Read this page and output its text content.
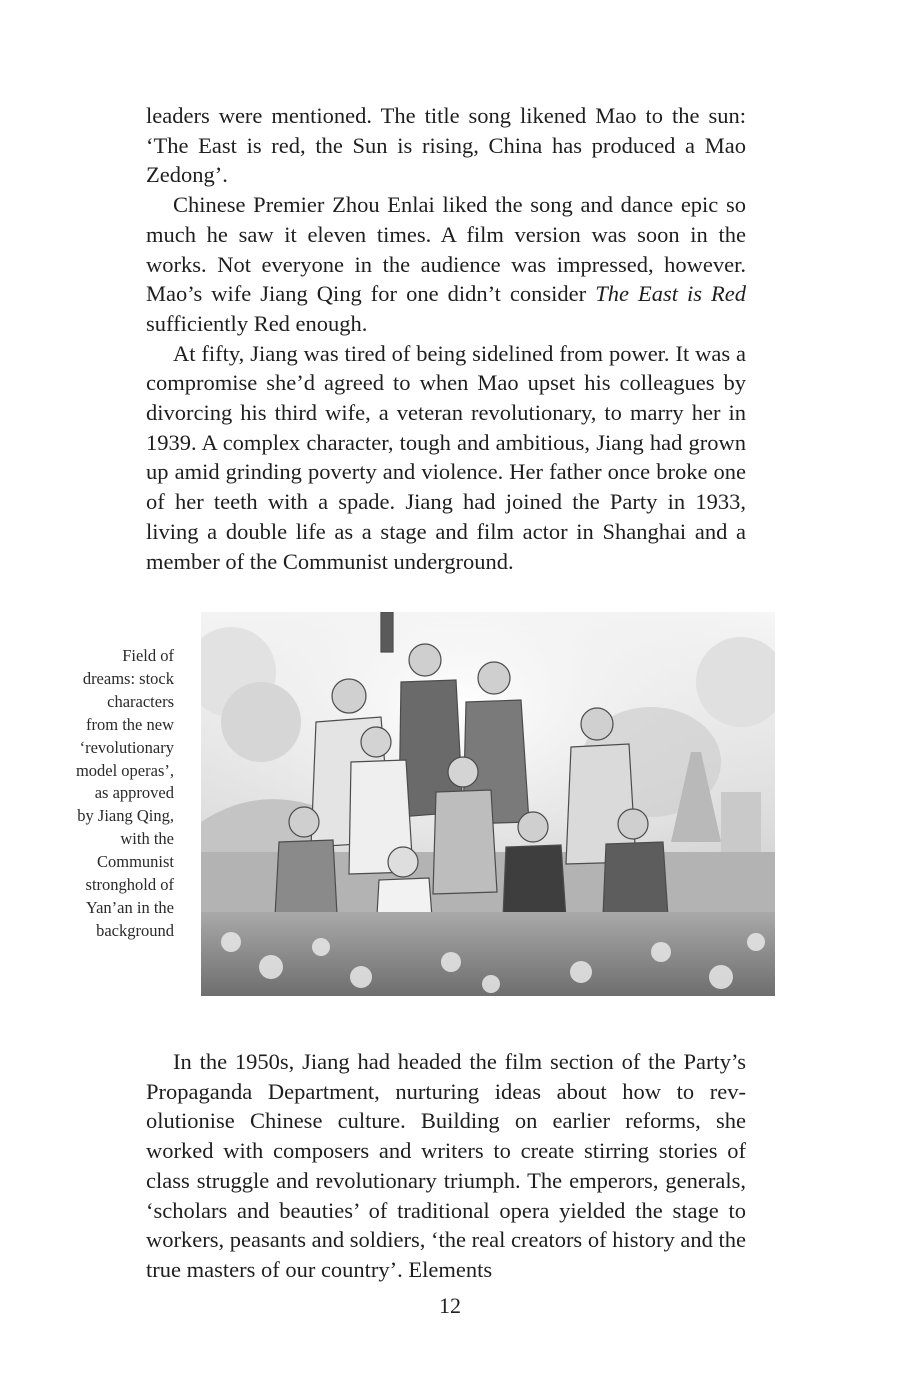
leaders were mentioned. The title song likened Mao to the sun: ‘The East is red, the Sun is rising, China has produced a Mao Zedong’.

Chinese Premier Zhou Enlai liked the song and dance epic so much he saw it eleven times. A film version was soon in the works. Not everyone in the audience was impressed, however. Mao’s wife Jiang Qing for one didn’t consider The East is Red sufficiently Red enough.

At fifty, Jiang was tired of being sidelined from power. It was a compromise she’d agreed to when Mao upset his colleagues by divorcing his third wife, a veteran revolutionary, to marry her in 1939. A complex character, tough and ambitious, Jiang had grown up amid grinding poverty and violence. Her father once broke one of her teeth with a spade. Jiang had joined the Party in 1933, living a double life as a stage and film actor in Shanghai and a member of the Communist underground.

Field of
dreams: stock
characters
from the new
‘revolutionary
model operas’,
as approved
by Jiang Qing,
with the
Communist
stronghold of
Yan’an in the
background

In the 1950s, Jiang had headed the film section of the Party’s Propaganda Department, nurturing ideas about how to rev- olutionise Chinese culture. Building on earlier reforms, she worked with composers and writers to create stirring stories of class struggle and revolutionary triumph. The emperors, generals, ‘scholars and beauties’ of traditional opera yielded the stage to workers, peasants and soldiers, ‘the real creators of history and the true masters of our country’. Elements

12
